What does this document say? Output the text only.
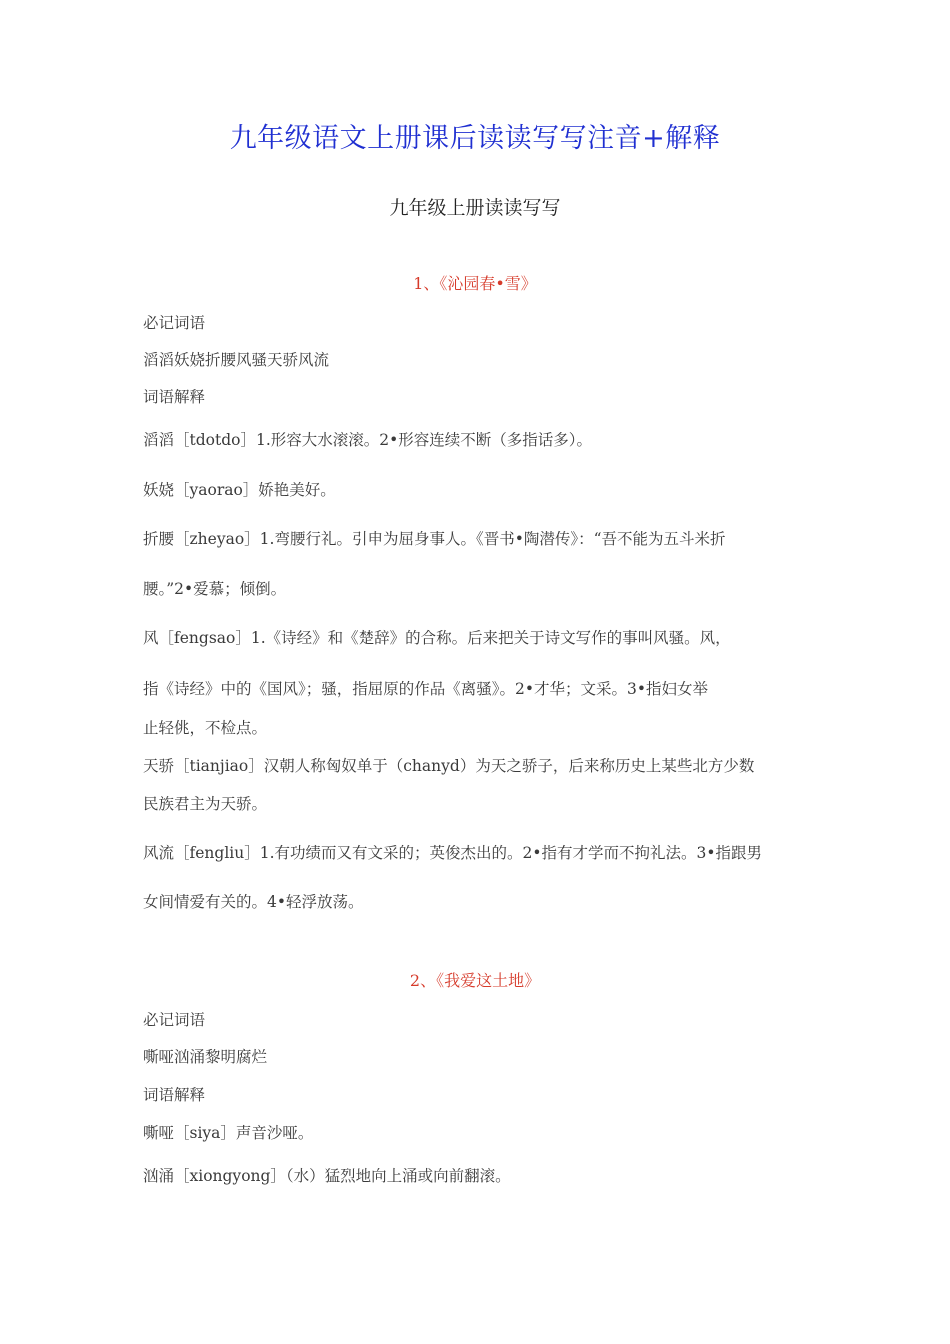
九年级语文上册课后读读写写注音+解释
九年级上册读读写写
1、《沁园春•雪》
必记词语
滔滔妖娆折腰风骚天骄风流
词语解释
滔滔［tdotdo］1.形容大水滚滚。2•形容连续不断（多指话多）。
妖娆［yaorao］娇艳美好。
折腰［zheyao］1.弯腰行礼。引申为屈身事人。《晋书•陶潜传》：“吾不能为五斗米折
腰。”2•爱慕；倾倒。
风［fengsao］1.《诗经》和《楚辞》的合称。后来把关于诗文写作的事叫风骚。风，
指《诗经》中的《国风》；骚，指屈原的作品《离骚》。2•才华；文采。3•指妇女举
止轻佻，不检点。
天骄［tianjiao］汉朝人称匈奴单于（chanyd）为天之骄子，后来称历史上某些北方少数
民族君主为天骄。
风流［fengliu］1.有功绩而又有文采的；英俊杰出的。2•指有才学而不拘礼法。3•指跟男
女间情爱有关的。4•轻浮放荡。
2、《我爱这土地》
必记词语
嘶哑汹涌黎明腐烂
词语解释
嘶哑［siya］声音沙哑。
汹涌［xiongyong］（水）猛烈地向上涌或向前翻滚。
